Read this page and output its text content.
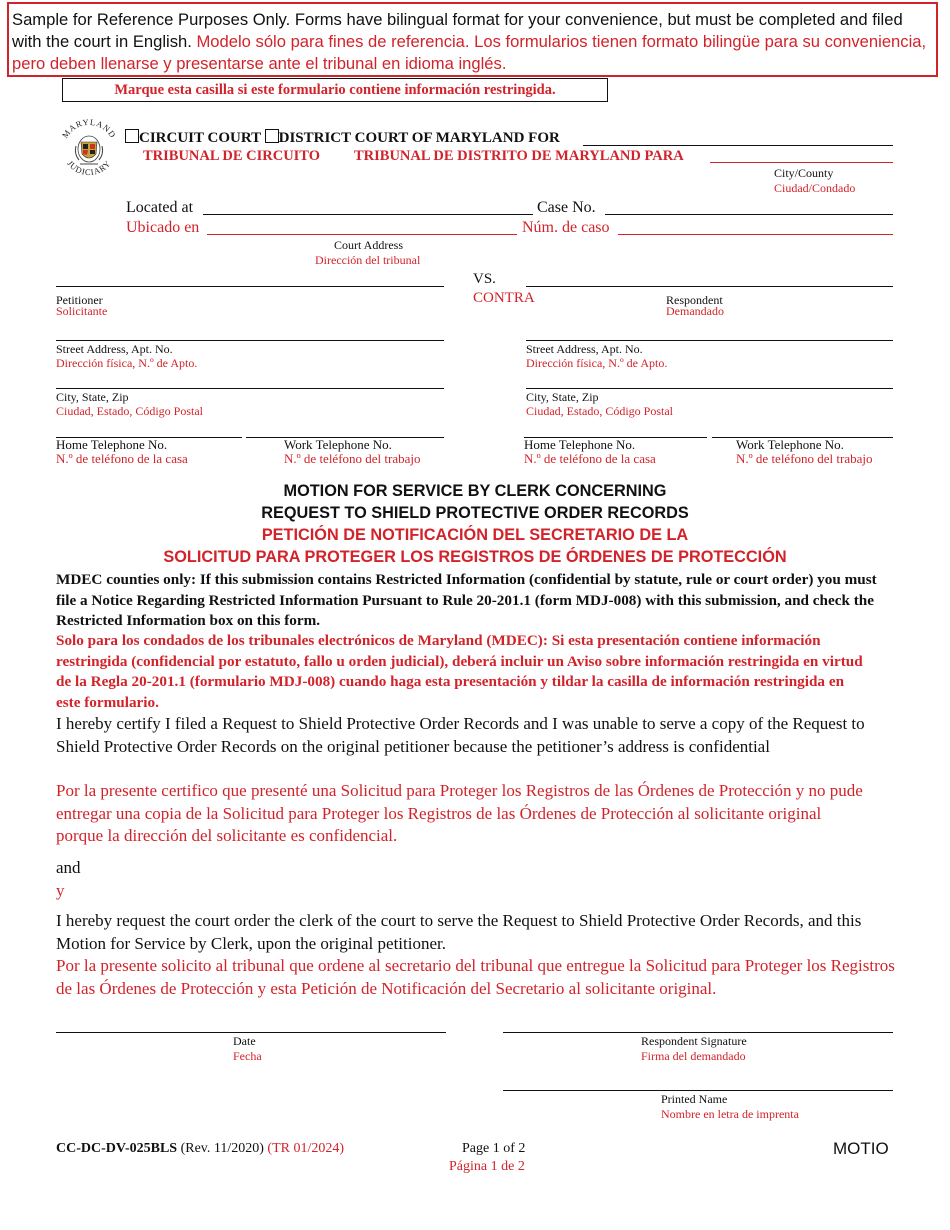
Sample for Reference Purposes Only. Forms have bilingual format for your convenience, but must be completed and filed with the court in English. Modelo sólo para fines de referencia. Los formularios tienen formato bilingüe para su conveniencia, pero deben llenarse y presentarse ante el tribunal en idioma inglés.
Marque esta casilla si este formulario contiene información restringida.
MARYLAND
JUDICIARY
CIRCUIT COURT DISTRICT COURT OF MARYLAND FOR
TRIBUNAL DE CIRCUITO TRIBUNAL DE DISTRITO DE MARYLAND PARA
City/County
Ciudad/Condado
Located at	Case No.
Ubicado en	Núm. de caso
Court Address
Dirección del tribunal
VS.
Petitioner
Solicitante
CONTRA	Respondent
Demandado
Street Address, Apt. No.
Dirección física, N.º de Apto.
Street Address, Apt. No.
Dirección física, N.º de Apto.
City, State, Zip
Ciudad, Estado, Código Postal
City, State, Zip
Ciudad, Estado, Código Postal
Home Telephone No.
N.º de teléfono de la casa
Work Telephone No.
N.º de teléfono del trabajo
Home Telephone No.
N.º de teléfono de la casa
Work Telephone No.
N.º de teléfono del trabajo
MOTION FOR SERVICE BY CLERK CONCERNING
REQUEST TO SHIELD PROTECTIVE ORDER RECORDS
PETICIÓN DE NOTIFICACIÓN DEL SECRETARIO DE LA
SOLICITUD PARA PROTEGER LOS REGISTROS DE ÓRDENES DE PROTECCIÓN
MDEC counties only: If this submission contains Restricted Information (confidential by statute, rule or court order) you must file a Notice Regarding Restricted Information Pursuant to Rule 20-201.1 (form MDJ-008) with this submission, and check the Restricted Information box on this form.
Solo para los condados de los tribunales electrónicos de Maryland (MDEC): Si esta presentación contiene información restringida (confidencial por estatuto, fallo u orden judicial), deberá incluir un Aviso sobre información restringida en virtud de la Regla 20-201.1 (formulario MDJ-008) cuando haga esta presentación y tildar la casilla de información restringida en este formulario.
I hereby certify I filed a Request to Shield Protective Order Records and I was unable to serve a copy of the Request to Shield Protective Order Records on the original petitioner because the petitioner’s address is confidential
Por la presente certifico que presenté una Solicitud para Proteger los Registros de las Órdenes de Protección y no pude entregar una copia de la Solicitud para Proteger los Registros de las Órdenes de Protección al solicitante original porque la dirección del solicitante es confidencial.
and
y
I hereby request the court order the clerk of the court to serve the Request to Shield Protective Order Records, and this Motion for Service by Clerk, upon the original petitioner.
Por la presente solicito al tribunal que ordene al secretario del tribunal que entregue la Solicitud para Proteger los Registros de las Órdenes de Protección y esta Petición de Notificación del Secretario al solicitante original.
Date
Fecha
Respondent Signature
Firma del demandado
Printed Name
Nombre en letra de imprenta
CC-DC-DV-025BLS (Rev. 11/2020) (TR 01/2024)	Page 1 of 2
Página 1 de 2
MOTIO
